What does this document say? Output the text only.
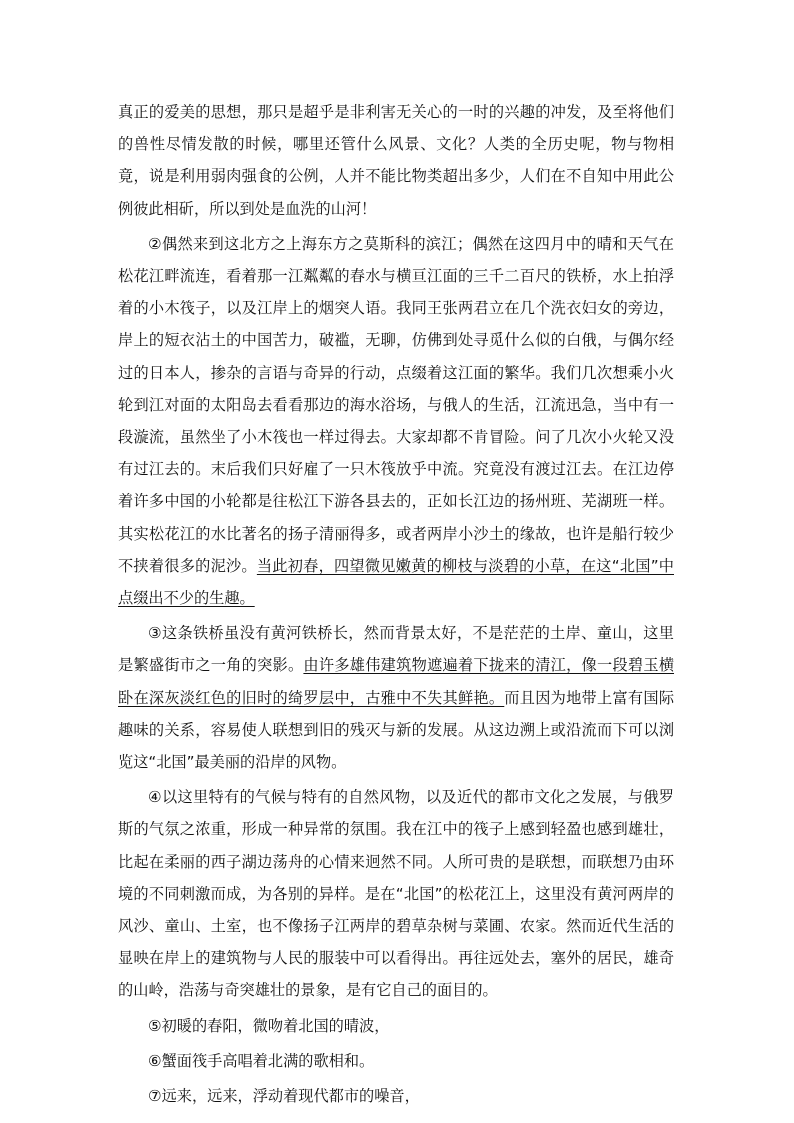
真正的爱美的思想，那只是超乎是非利害无关心的一时的兴趣的冲发，及至将他们的兽性尽情发散的时候，哪里还管什么风景、文化？人类的全历史呢，物与物相竟，说是利用弱肉强食的公例，人并不能比物类超出多少，人们在不自知中用此公例彼此相斫，所以到处是血洗的山河！

②偶然来到这北方之上海东方之莫斯科的滨江；偶然在这四月中的晴和天气在松花江畔流连，看着那一江粼粼的春水与横亘江面的三千二百尺的铁桥，水上拍浮着的小木筏子，以及江岸上的烟突人语。我同王张两君立在几个洗衣妇女的旁边，岸上的短衣沾土的中国苦力，破褴，无聊，仿佛到处寻觅什么似的白俄，与偶尔经过的日本人，掺杂的言语与奇异的行动，点缀着这江面的繁华。我们几次想乘小火轮到江对面的太阳岛去看看那边的海水浴场，与俄人的生活，江流迅急，当中有一段漩流，虽然坐了小木筏也一样过得去。大家却都不肯冒险。问了几次小火轮又没有过江去的。末后我们只好雇了一只木筏放乎中流。究竟没有渡过江去。在江边停着许多中国的小轮都是往松江下游各县去的，正如长江边的扬州班、芜湖班一样。其实松花江的水比著名的扬子清丽得多，或者两岸小沙土的缘故，也许是船行较少不挟着很多的泥沙。当此初春，四望微见嫩黄的柳枝与淡碧的小草，在这“北国”中点缀出不少的生趣。

③这条铁桥虽没有黄河铁桥长，然而背景太好，不是茫茫的土岸、童山，这里是繁盛街市之一角的突影。由许多雄伟建筑物遮遍着下拢来的清江，像一段碧玉横卧在深灰淡红色的旧时的绮罗层中，古雅中不失其鲜艳。而且因为地带上富有国际趣味的关系，容易使人联想到旧的残灭与新的发展。从这边溯上或沿流而下可以浏览这“北国”最美丽的沿岸的风物。

④以这里特有的气候与特有的自然风物，以及近代的都市文化之发展，与俄罗斯的气氛之浓重，形成一种异常的氛围。我在江中的筏子上感到轻盈也感到雄壮，比起在柔丽的西子湖边荡舟的心情来迥然不同。人所可贵的是联想，而联想乃由环境的不同刺激而成，为各别的异样。是在“北国”的松花江上，这里没有黄河两岸的风沙、童山、土室，也不像扬子江两岸的碧草杂树与菜圃、农家。然而近代生活的显映在岸上的建筑物与人民的服装中可以看得出。再往远处去，塞外的居民，雄奇的山岭，浩荡与奇突雄壮的景象，是有它自己的面目的。

⑤初暖的春阳，微吻着北国的晴波，

⑥蟹面筏手高唱着北满的歌相和。

⑦远来，远来，浮动着现代都市的噪音，
